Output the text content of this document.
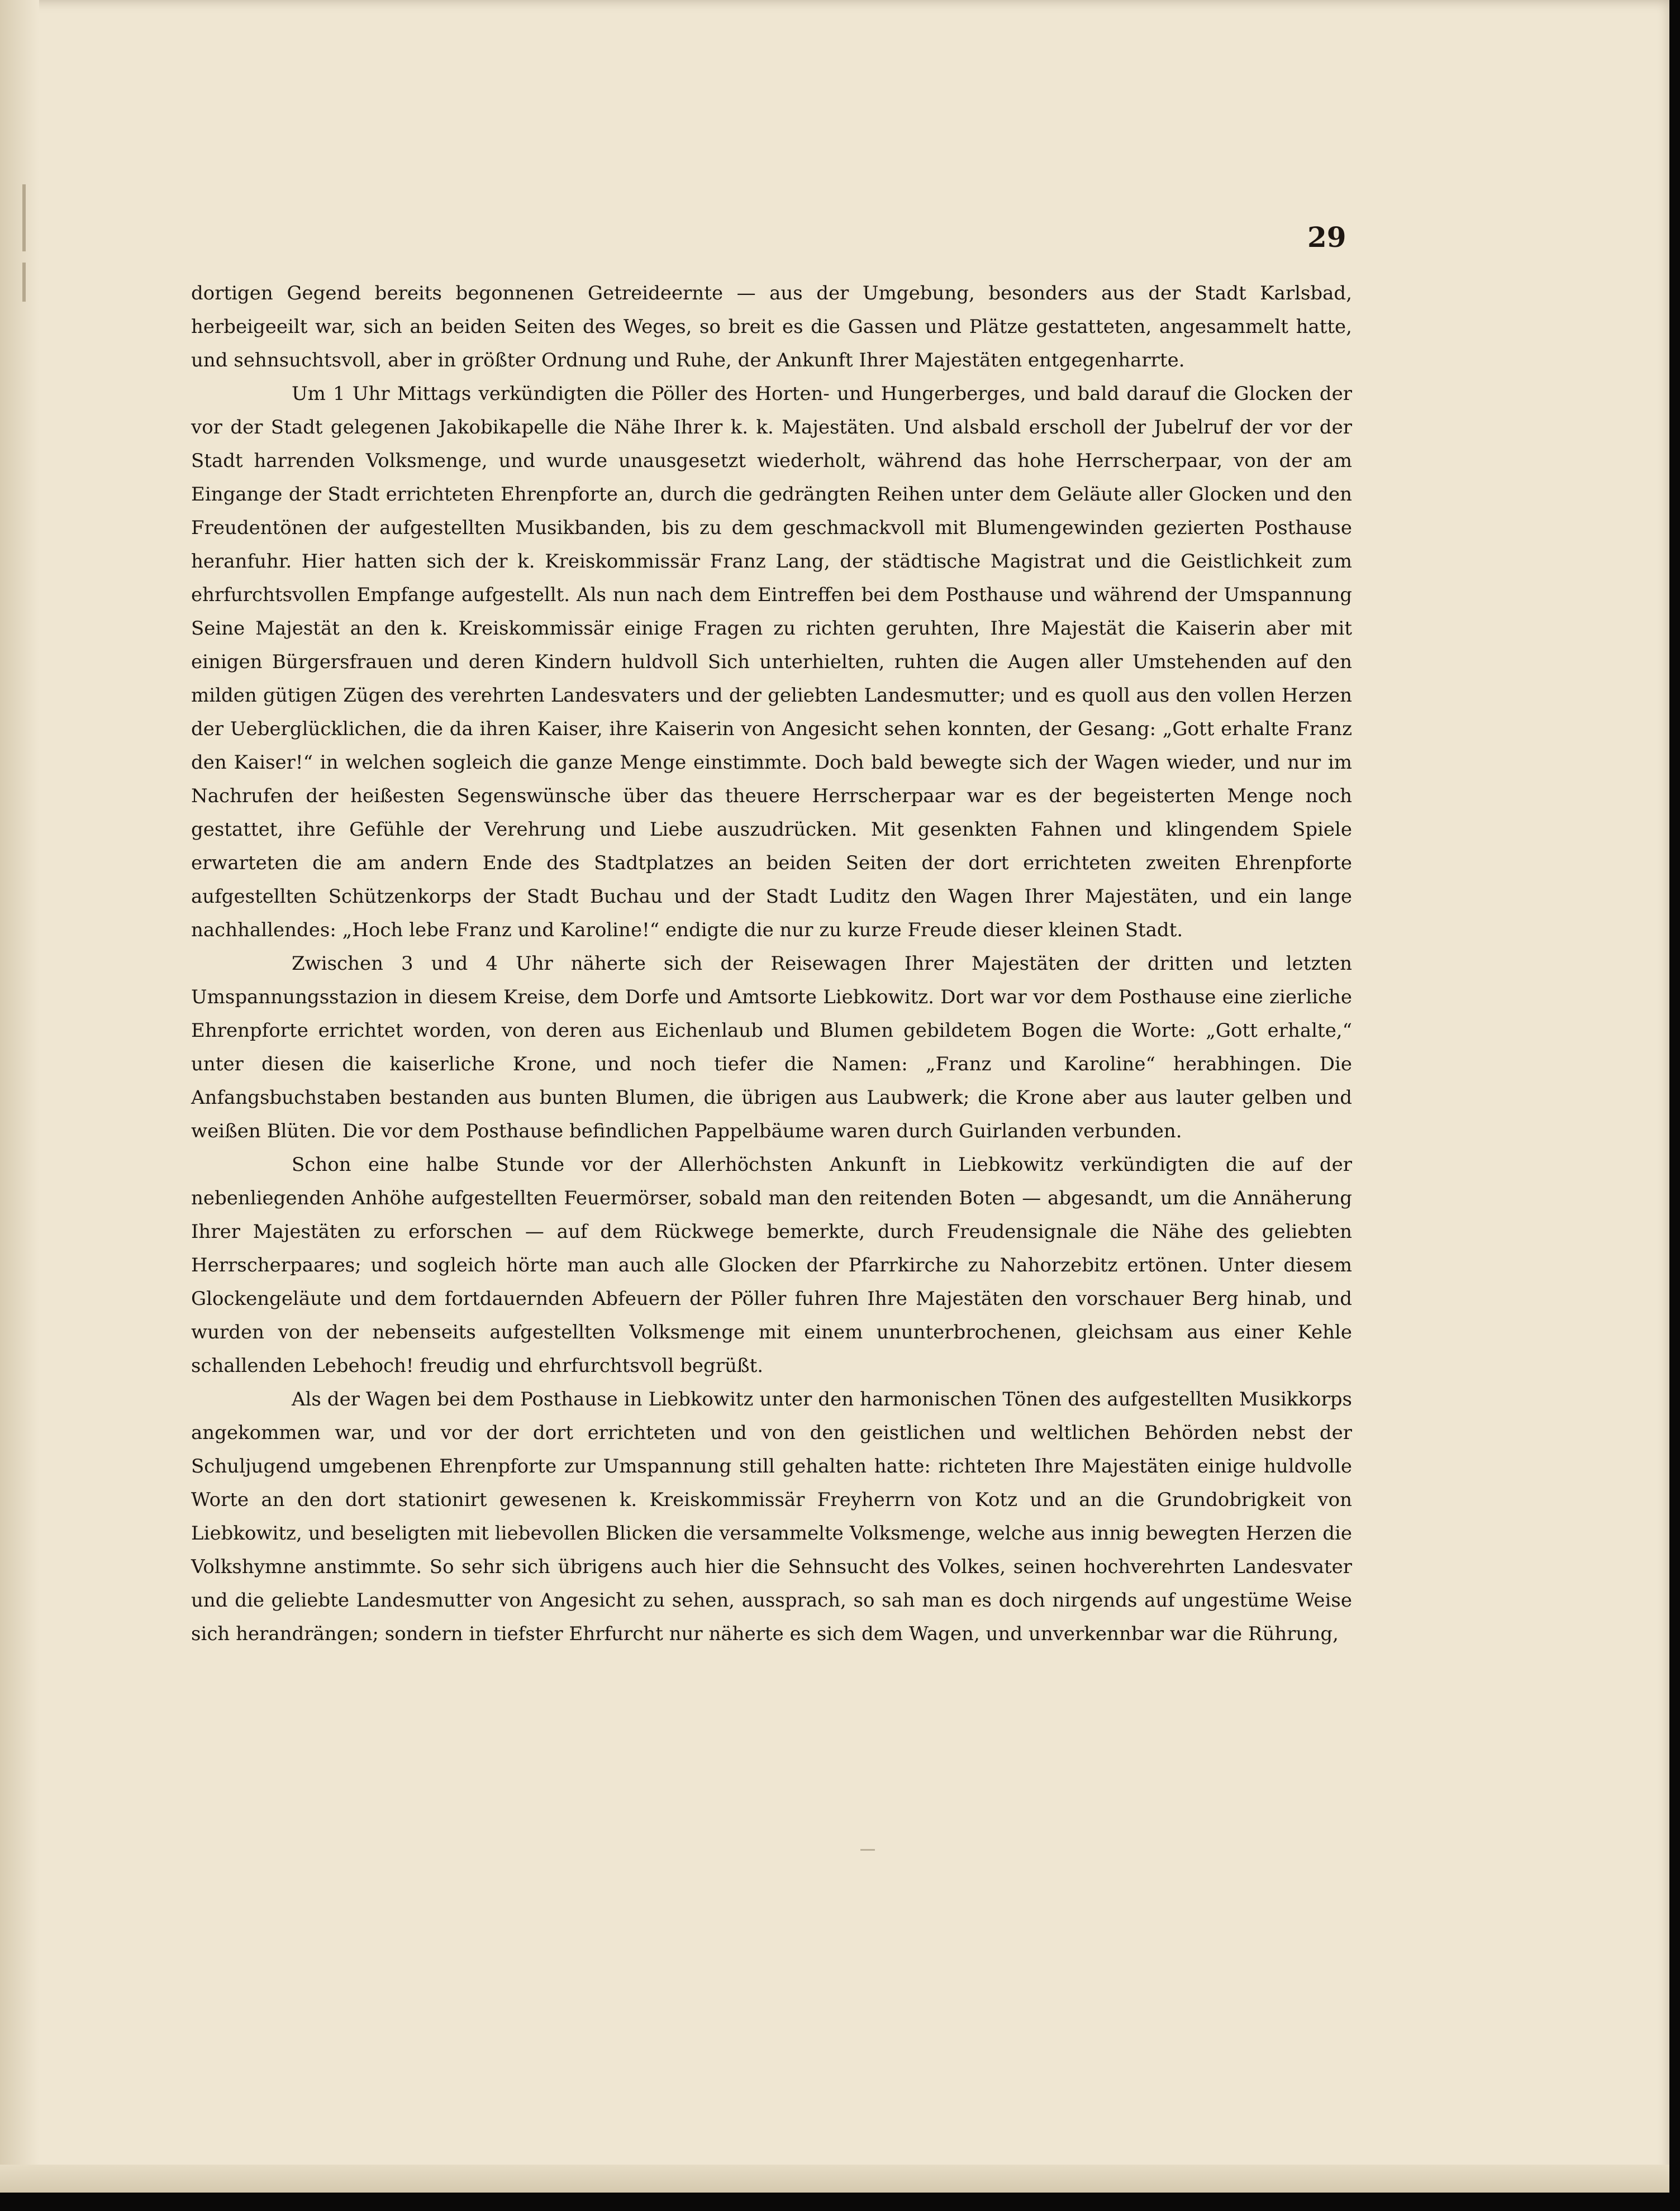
29

dortigen Gegend bereits begonnenen Getreideernte — aus der Umgebung, besonders aus der Stadt Karlsbad, herbeigeeilt war, sich an beiden Seiten des Weges, so breit es die Gassen und Plätze gestatteten, angesammelt hatte, und sehnsuchtsvoll, aber in größter Ordnung und Ruhe, der Ankunft Ihrer Majestäten entgegenharrte.

Um 1 Uhr Mittags verkündigten die Pöller des Horten- und Hungerberges, und bald darauf die Glocken der vor der Stadt gelegenen Jakobikapelle die Nähe Ihrer k. k. Majestäten. Und alsbald erscholl der Jubelruf der vor der Stadt harrenden Volksmenge, und wurde unausgesetzt wiederholt, während das hohe Herrscherpaar, von der am Eingange der Stadt errichteten Ehrenpforte an, durch die gedrängten Reihen unter dem Geläute aller Glocken und den Freudentönen der aufgestellten Musikbanden, bis zu dem geschmackvoll mit Blumengewinden gezierten Posthause heranfuhr. Hier hatten sich der k. Kreiskommissär Franz Lang, der städtische Magistrat und die Geistlichkeit zum ehrfurchtsvollen Empfange aufgestellt. Als nun nach dem Eintreffen bei dem Posthause und während der Umspannung Seine Majestät an den k. Kreiskommissär einige Fragen zu richten geruhten, Ihre Majestät die Kaiserin aber mit einigen Bürgersfrauen und deren Kindern huldvoll Sich unterhielten, ruhten die Augen aller Umstehenden auf den milden gütigen Zügen des verehrten Landesvaters und der geliebten Landesmutter; und es quoll aus den vollen Herzen der Ueberglücklichen, die da ihren Kaiser, ihre Kaiserin von Angesicht sehen konnten, der Gesang: „Gott erhalte Franz den Kaiser!“ in welchen sogleich die ganze Menge einstimmte. Doch bald bewegte sich der Wagen wieder, und nur im Nachrufen der heißesten Segenswünsche über das theuere Herrscherpaar war es der begeisterten Menge noch gestattet, ihre Gefühle der Verehrung und Liebe auszudrücken. Mit gesenkten Fahnen und klingendem Spiele erwarteten die am andern Ende des Stadtplatzes an beiden Seiten der dort errichteten zweiten Ehrenpforte aufgestellten Schützenkorps der Stadt Buchau und der Stadt Luditz den Wagen Ihrer Majestäten, und ein lange nachhallendes: „Hoch lebe Franz und Karoline!“ endigte die nur zu kurze Freude dieser kleinen Stadt.

Zwischen 3 und 4 Uhr näherte sich der Reisewagen Ihrer Majestäten der dritten und letzten Umspannungsstazion in diesem Kreise, dem Dorfe und Amtsorte Liebkowitz. Dort war vor dem Posthause eine zierliche Ehrenpforte errichtet worden, von deren aus Eichenlaub und Blumen gebildetem Bogen die Worte: „Gott erhalte,“ unter diesen die kaiserliche Krone, und noch tiefer die Namen: „Franz und Karoline“ herabhingen. Die Anfangsbuchstaben bestanden aus bunten Blumen, die übrigen aus Laubwerk; die Krone aber aus lauter gelben und weißen Blüten. Die vor dem Posthause befindlichen Pappelbäume waren durch Guirlanden verbunden.

Schon eine halbe Stunde vor der Allerhöchsten Ankunft in Liebkowitz verkündigten die auf der nebenliegenden Anhöhe aufgestellten Feuermörser, sobald man den reitenden Boten — abgesandt, um die Annäherung Ihrer Majestäten zu erforschen — auf dem Rückwege bemerkte, durch Freudensignale die Nähe des geliebten Herrscherpaares; und sogleich hörte man auch alle Glocken der Pfarrkirche zu Nahorzebitz ertönen. Unter diesem Glockengeläute und dem fortdauernden Abfeuern der Pöller fuhren Ihre Majestäten den vorschauer Berg hinab, und wurden von der nebenseits aufgestellten Volksmenge mit einem ununterbrochenen, gleichsam aus einer Kehle schallenden Lebehoch! freudig und ehrfurchtsvoll begrüßt.

Als der Wagen bei dem Posthause in Liebkowitz unter den harmonischen Tönen des aufgestellten Musikkorps angekommen war, und vor der dort errichteten und von den geistlichen und weltlichen Behörden nebst der Schuljugend umgebenen Ehrenpforte zur Umspannung still gehalten hatte: richteten Ihre Majestäten einige huldvolle Worte an den dort stationirt gewesenen k. Kreiskommissär Freyherrn von Kotz und an die Grundobrigkeit von Liebkowitz, und beseligten mit liebevollen Blicken die versammelte Volksmenge, welche aus innig bewegten Herzen die Volkshymne anstimmte. So sehr sich übrigens auch hier die Sehnsucht des Volkes, seinen hochverehrten Landesvater und die geliebte Landesmutter von Angesicht zu sehen, aussprach, so sah man es doch nirgends auf ungestüme Weise sich herandrängen; sondern in tiefster Ehrfurcht nur näherte es sich dem Wagen, und unverkennbar war die Rührung,
